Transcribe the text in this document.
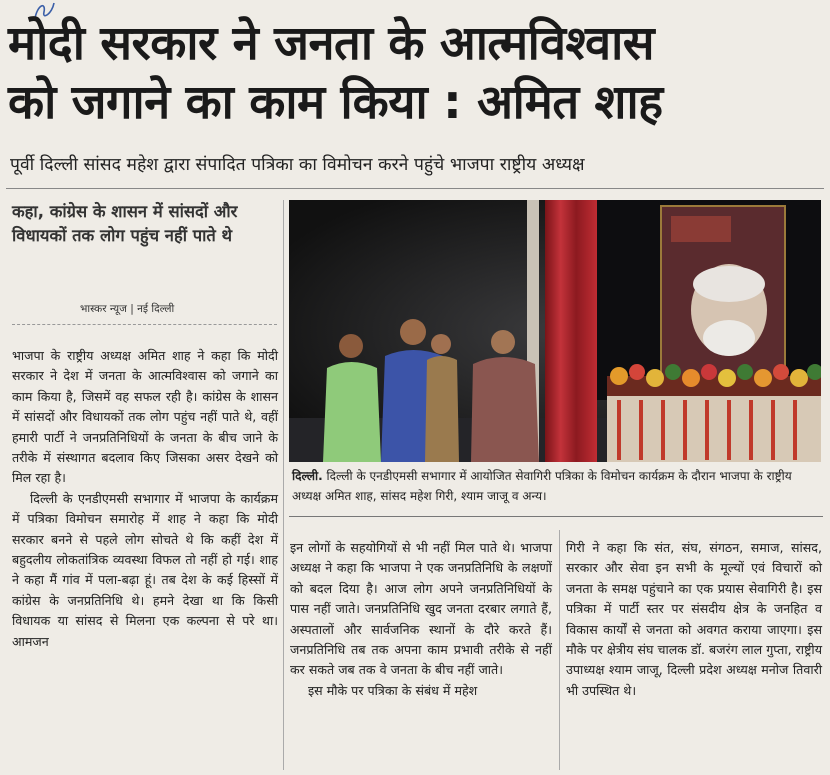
मोदी सरकार ने जनता के आत्मविश्वास
को जगाने का काम किया : अमित शाह
पूर्वी दिल्ली सांसद महेश द्वारा संपादित पत्रिका का विमोचन करने पहुंचे भाजपा राष्ट्रीय अध्यक्ष
कहा, कांग्रेस के शासन में सांसदों और विधायकों तक लोग पहुंच नहीं पाते थे
भास्कर न्यूज | नई दिल्ली
दिल्ली. दिल्ली के एनडीएमसी सभागार में आयोजित सेवागिरी पत्रिका के विमोचन कार्यक्रम के दौरान भाजपा के राष्ट्रीय अध्यक्ष अमित शाह, सांसद महेश गिरी, श्याम जाजू व अन्य।

भाजपा के राष्ट्रीय अध्यक्ष अमित शाह ने कहा कि मोदी सरकार ने देश में जनता के आत्मविश्वास को जगाने का काम किया है, जिसमें वह सफल रही है। कांग्रेस के शासन में सांसदों और विधायकों तक लोग पहुंच नहीं पाते थे, वहीं हमारी पार्टी ने जनप्रतिनिधियों के जनता के बीच जाने के तरीके में संस्थागत बदलाव किए जिसका असर देखने को मिल रहा है।

दिल्ली के एनडीएमसी सभागार में भाजपा के कार्यक्रम में पत्रिका विमोचन समारोह में शाह ने कहा कि मोदी सरकार बनने से पहले लोग सोचते थे कि कहीं देश में बहुदलीय लोकतांत्रिक व्यवस्था विफल तो नहीं हो गई। शाह ने कहा मैं गांव में पला-बढ़ा हूं। तब देश के कई हिस्सों में कांग्रेस के जनप्रतिनिधि थे। हमने देखा था कि किसी विधायक या सांसद से मिलना एक कल्पना से परे था। आमजन

इन लोगों के सहयोगियों से भी नहीं मिल पाते थे। भाजपा अध्यक्ष ने कहा कि भाजपा ने एक जनप्रतिनिधि के लक्षणों को बदल दिया है। आज लोग अपने जनप्रतिनिधियों के पास नहीं जाते। जनप्रतिनिधि खुद जनता दरबार लगाते हैं, अस्पतालों और सार्वजनिक स्थानों के दौरे करते हैं। जनप्रतिनिधि तब तक अपना काम प्रभावी तरीके से नहीं कर सकते जब तक वे जनता के बीच नहीं जाते।

इस मौके पर पत्रिका के संबंध में महेश

गिरी ने कहा कि संत, संघ, संगठन, समाज, सांसद, सरकार और सेवा इन सभी के मूल्यों एवं विचारों को जनता के समक्ष पहुंचाने का एक प्रयास सेवागिरी है। इस पत्रिका में पार्टी स्तर पर संसदीय क्षेत्र के जनहित व विकास कार्यों से जनता को अवगत कराया जाएगा। इस मौके पर क्षेत्रीय संघ चालक डॉ. बजरंग लाल गुप्ता, राष्ट्रीय उपाध्यक्ष श्याम जाजू, दिल्ली प्रदेश अध्यक्ष मनोज तिवारी भी उपस्थित थे।
